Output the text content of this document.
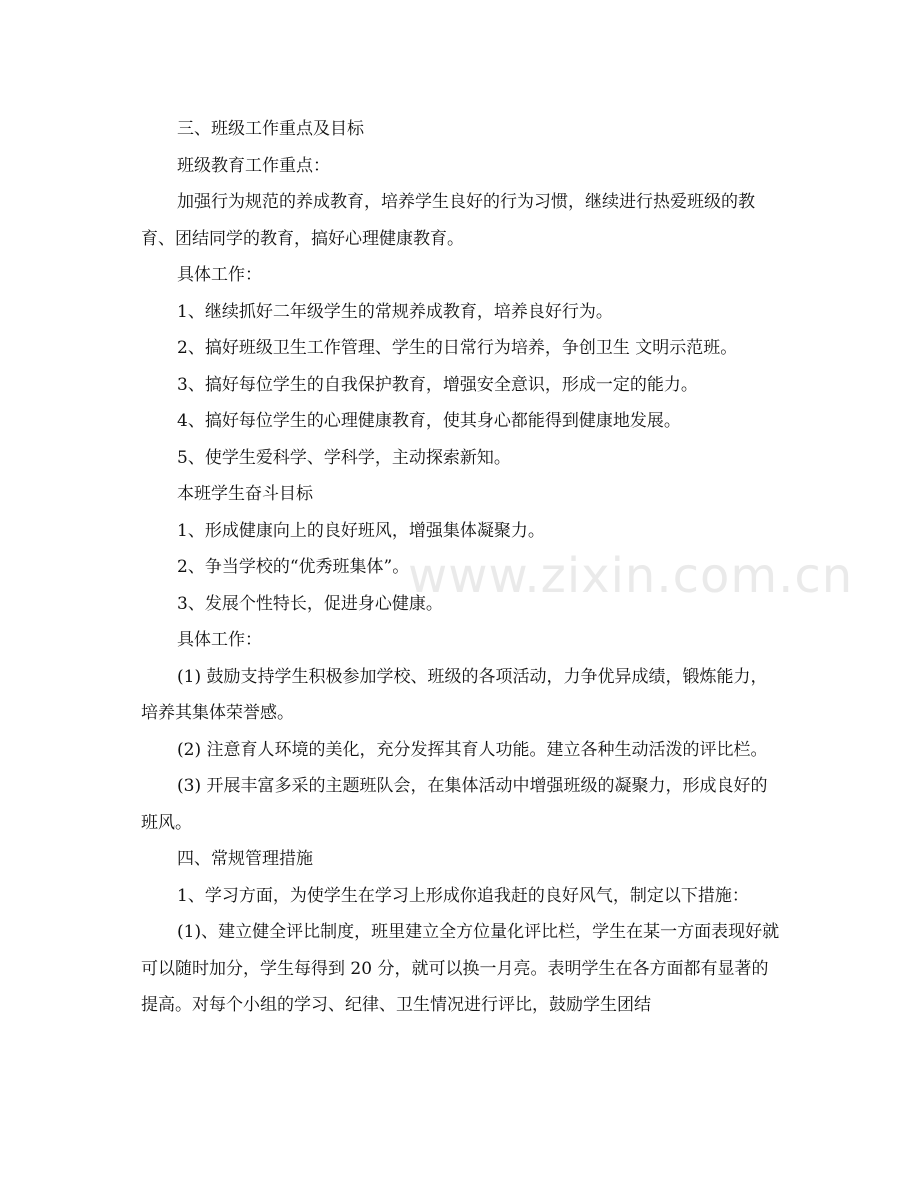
三、班级工作重点及目标

班级教育工作重点：

加强行为规范的养成教育，培养学生良好的行为习惯，继续进行热爱班级的教育、团结同学的教育，搞好心理健康教育。

具体工作：

1、继续抓好二年级学生的常规养成教育，培养良好行为。

2、搞好班级卫生工作管理、学生的日常行为培养，争创卫生 文明示范班。

3、搞好每位学生的自我保护教育，增强安全意识，形成一定的能力。

4、搞好每位学生的心理健康教育，使其身心都能得到健康地发展。

5、使学生爱科学、学科学，主动探索新知。

本班学生奋斗目标

1、形成健康向上的良好班风，增强集体凝聚力。

2、争当学校的“优秀班集体”。

3、发展个性特长，促进身心健康。

具体工作：

(1) 鼓励支持学生积极参加学校、班级的各项活动，力争优异成绩，锻炼能力，培养其集体荣誉感。

(2) 注意育人环境的美化，充分发挥其育人功能。建立各种生动活泼的评比栏。

(3) 开展丰富多采的主题班队会，在集体活动中增强班级的凝聚力，形成良好的班风。

四、常规管理措施

1、学习方面，为使学生在学习上形成你追我赶的良好风气，制定以下措施：

(1)、建立健全评比制度，班里建立全方位量化评比栏，学生在某一方面表现好就可以随时加分，学生每得到 20 分，就可以换一月亮。表明学生在各方面都有显著的提高。对每个小组的学习、纪律、卫生情况进行评比，鼓励学生团结

www.zixin.com.cn
